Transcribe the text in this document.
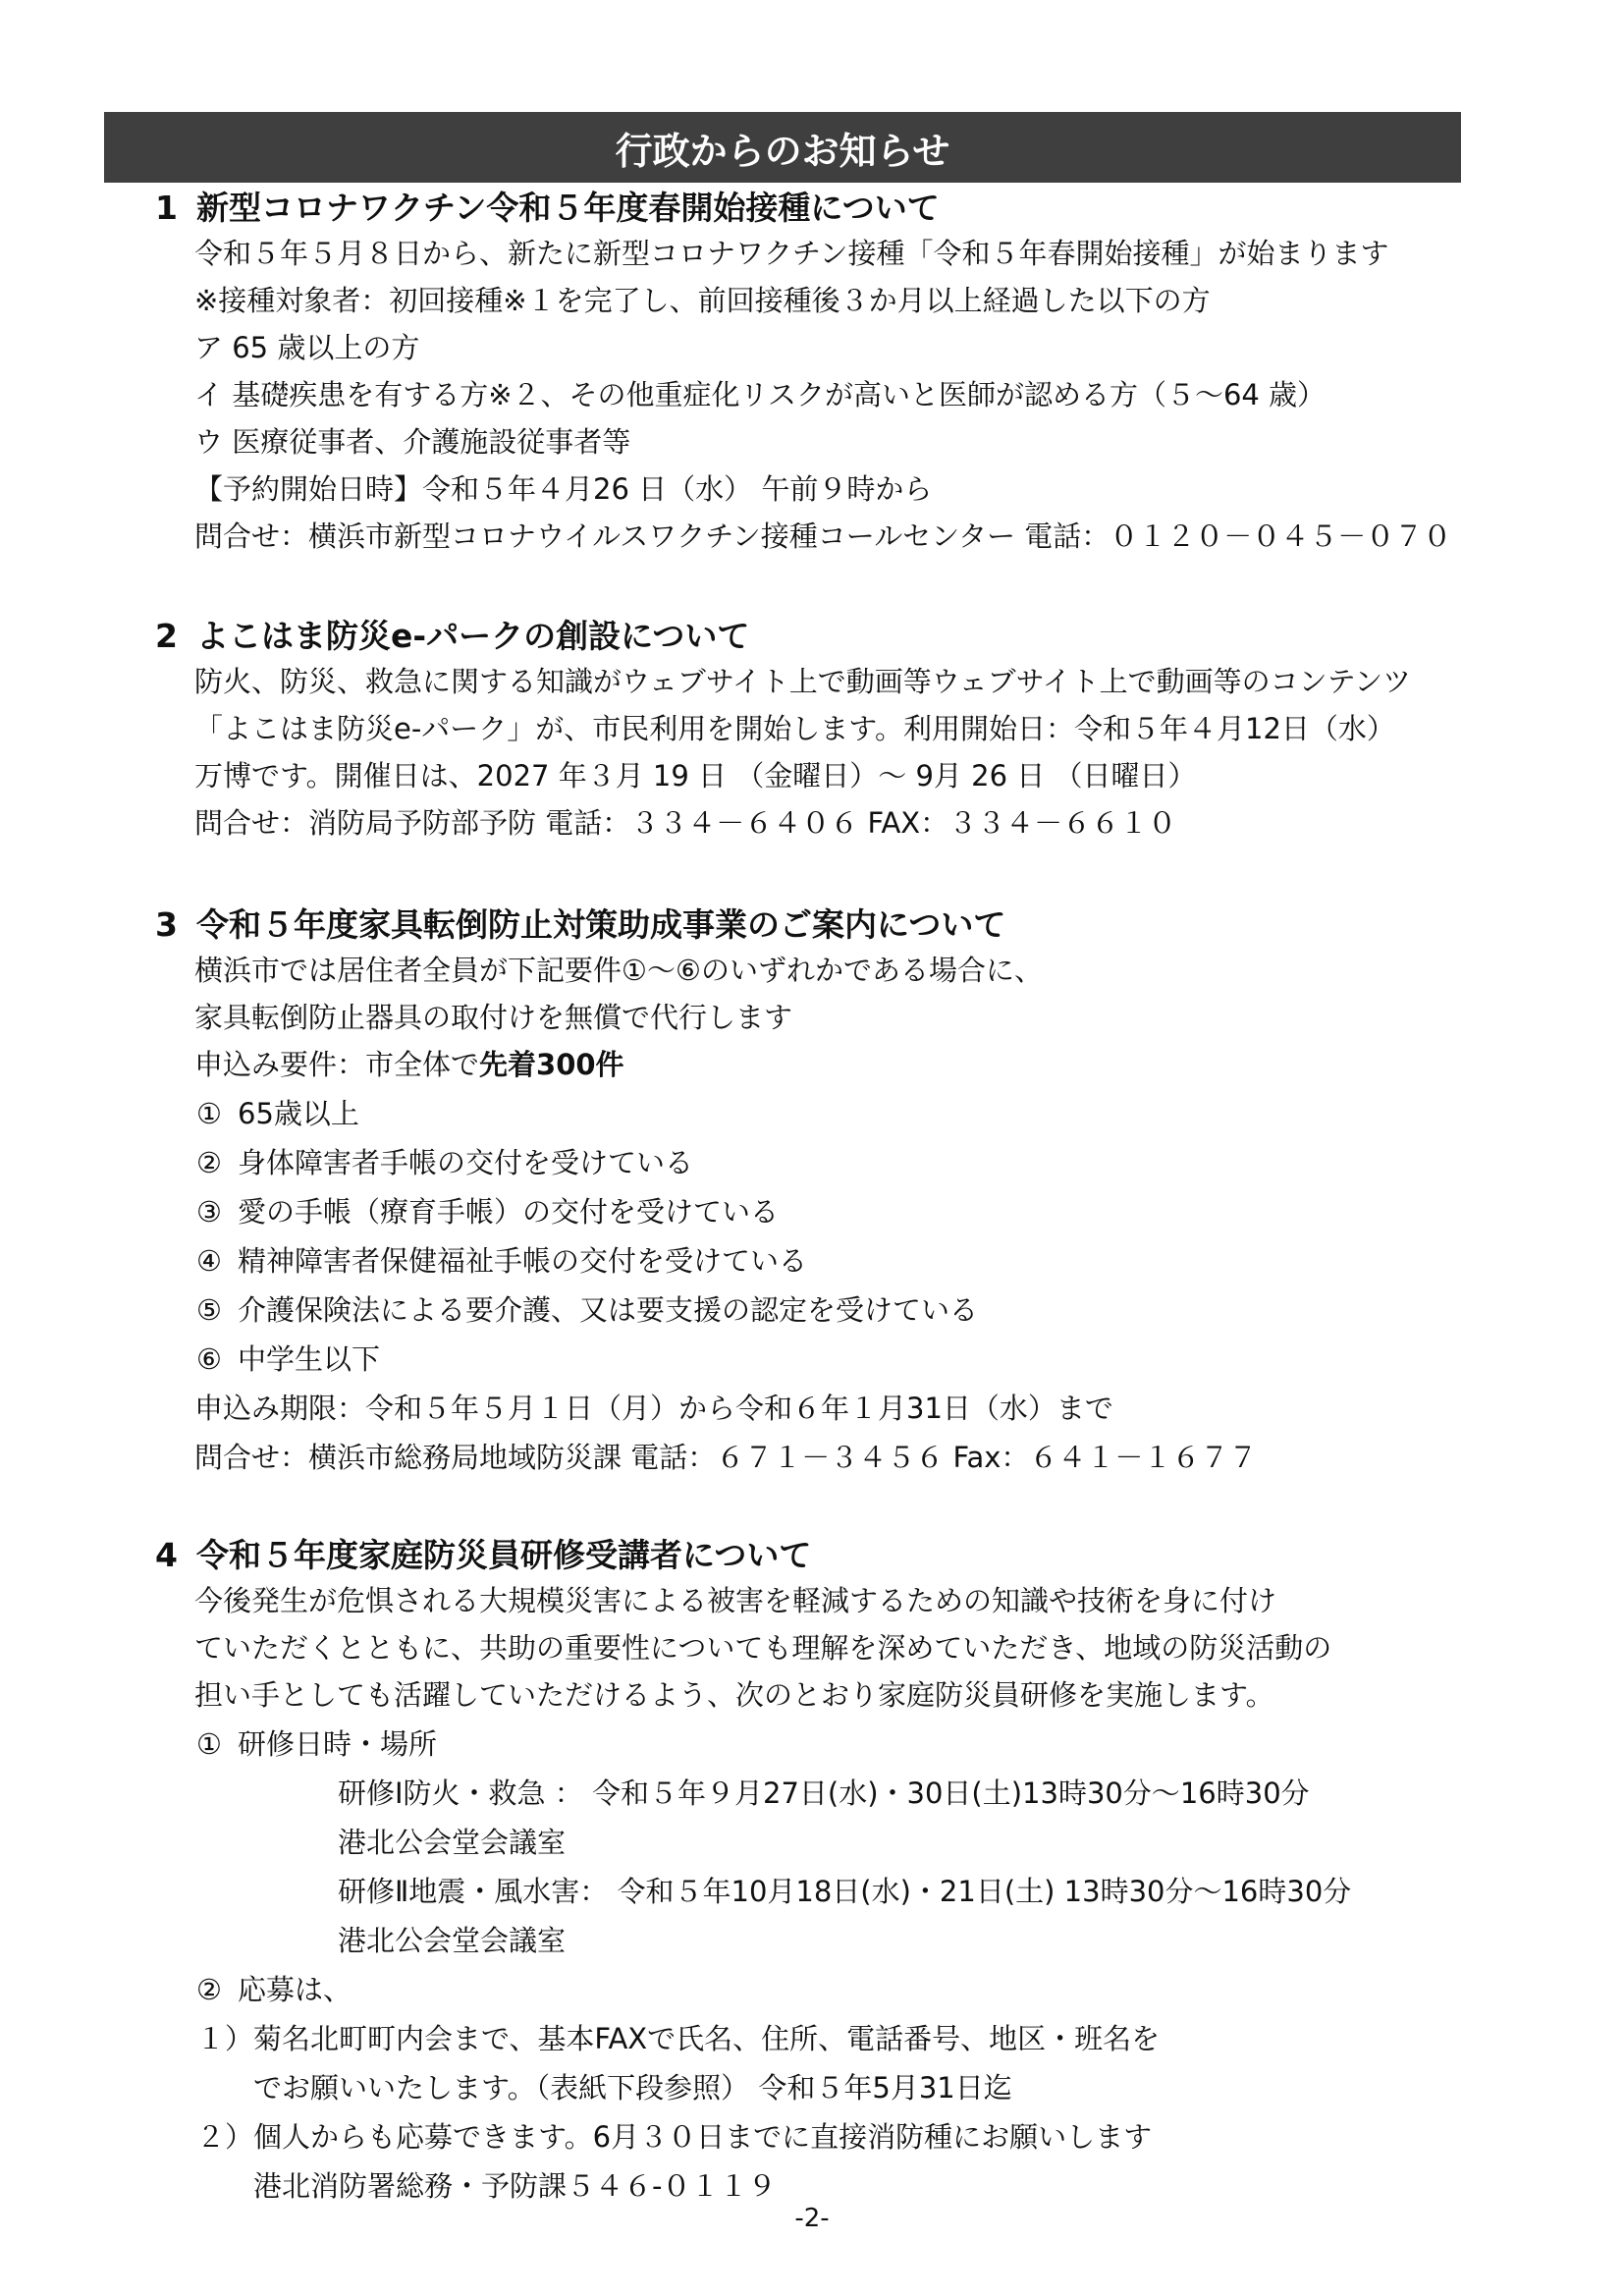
行政からのお知らせ
1 新型コロナワクチン令和５年度春開始接種について
令和５年５月８日から、新たに新型コロナワクチン接種「令和５年春開始接種」が始まります
※接種対象者：初回接種※１を完了し、前回接種後３か月以上経過した以下の方
ア 65 歳以上の方
イ 基礎疾患を有する方※２、その他重症化リスクが高いと医師が認める方（５～64 歳）
ウ 医療従事者、介護施設従事者等
【予約開始日時】令和５年４月26 日（水） 午前９時から
問合せ：横浜市新型コロナウイルスワクチン接種コールセンター 電話：０１２０－０４５－０７０
2 よこはま防災e-パークの創設について
防火、防災、救急に関する知識がウェブサイト上で動画等ウェブサイト上で動画等のコンテンツ
「よこはま防災e-パーク」が、市民利用を開始します。利用開始日：令和５年４月12日（水）
万博です。開催日は、2027 年３月 19 日 （金曜日）～ 9月 26 日 （日曜日）
問合せ：消防局予防部予防 電話：３３４－６４０６ FAX：３３４－６６１０
3 令和５年度家具転倒防止対策助成事業のご案内について
横浜市では居住者全員が下記要件①～⑥のいずれかである場合に、
家具転倒防止器具の取付けを無償で代行します
申込み要件：市全体で先着300件
① 65歳以上
② 身体障害者手帳の交付を受けている
③ 愛の手帳（療育手帳）の交付を受けている
④ 精神障害者保健福祉手帳の交付を受けている
⑤ 介護保険法による要介護、又は要支援の認定を受けている
⑥ 中学生以下
申込み期限：令和５年５月１日（月）から令和６年１月31日（水）まで
問合せ：横浜市総務局地域防災課 電話：６７１－３４５６ Fax：６４１－１６７７
4 令和５年度家庭防災員研修受講者について
今後発生が危惧される大規模災害による被害を軽減するための知識や技術を身に付け
ていただくとともに、共助の重要性についても理解を深めていただき、地域の防災活動の
担い手としても活躍していただけるよう、次のとおり家庭防災員研修を実施します。
① 研修日時・場所
研修Ⅰ防火・救急 ： 令和５年９月27日(水)・30日(土)13時30分～16時30分
港北公会堂会議室
研修Ⅱ地震・風水害： 令和５年10月18日(水)・21日(土) 13時30分～16時30分
港北公会堂会議室
② 応募は、
１）菊名北町町内会まで、基本FAXで氏名、住所、電話番号、地区・班名を
でお願いいたします。（表紙下段参照） 令和５年5月31日迄
２）個人からも応募できます。6月３０日までに直接消防種にお願いします
港北消防署総務・予防課５４６-０１１９
-2-
